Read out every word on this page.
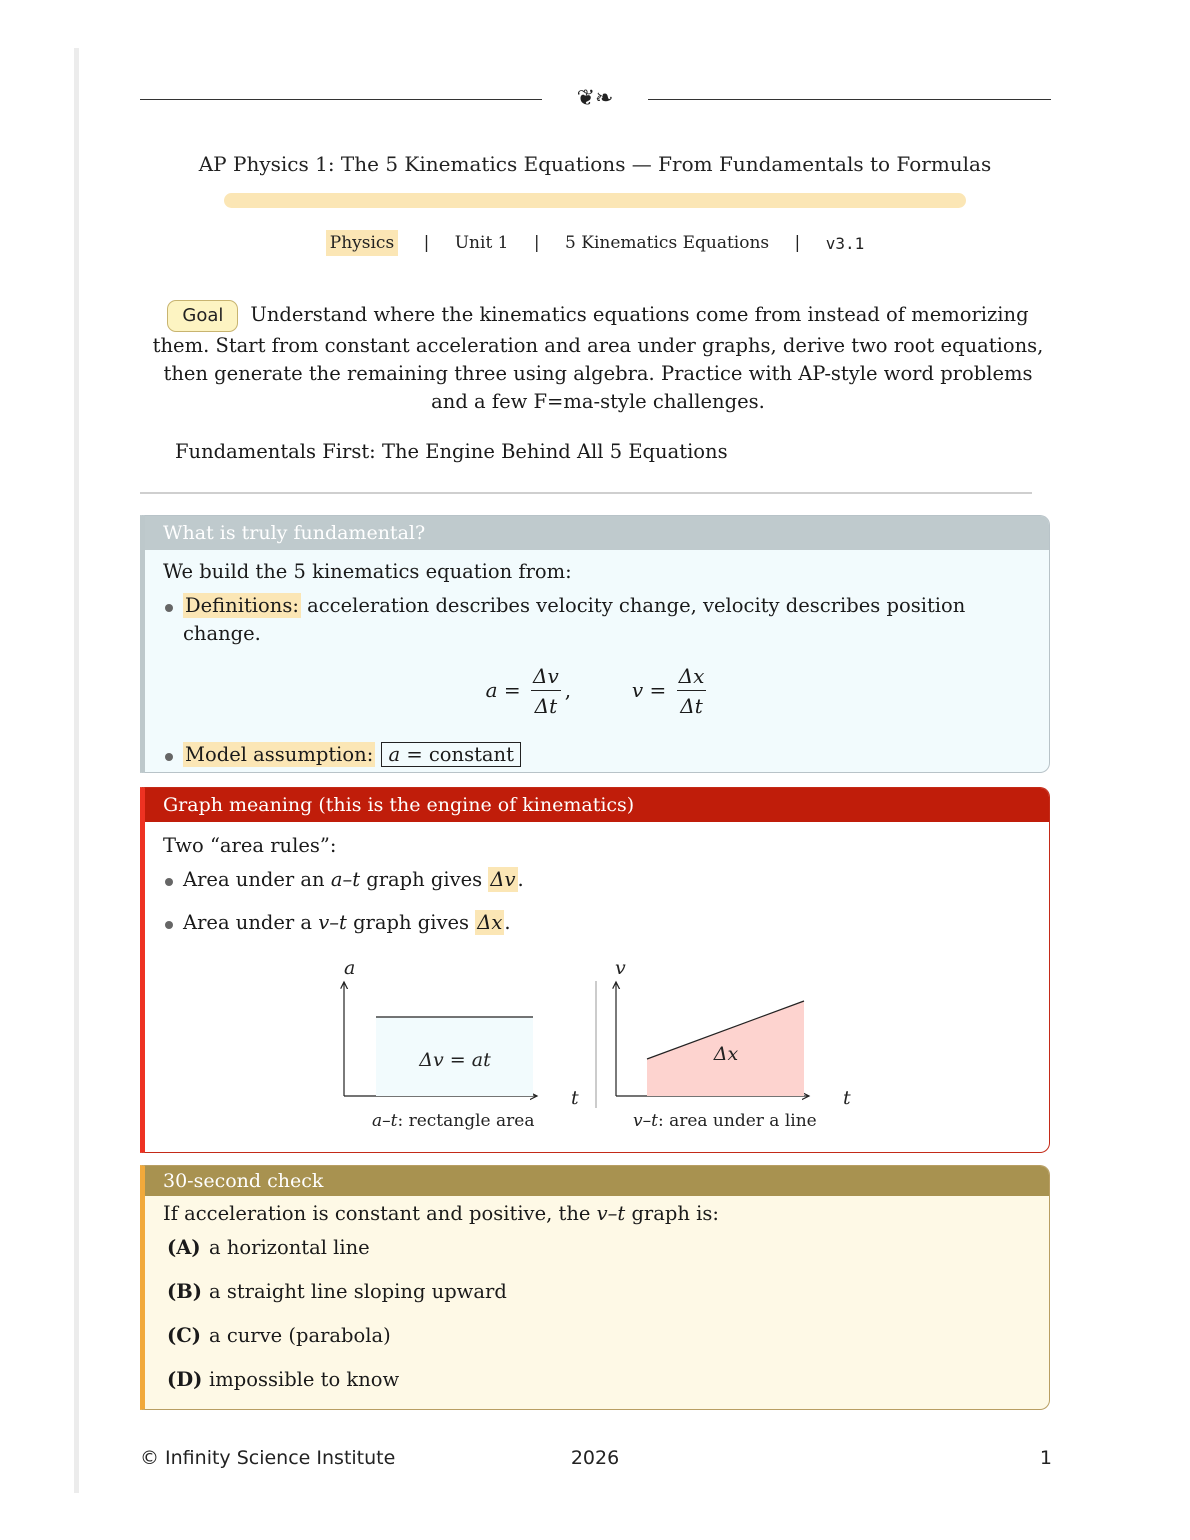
❦❧
AP Physics 1: The 5 Kinematics Equations — From Fundamentals to Formulas
Physics | Unit 1 | 5 Kinematics Equations | v3.1
Goal Understand where the kinematics equations come from instead of memorizing them. Start from constant acceleration and area under graphs, derive two root equations, then generate the remaining three using algebra. Practice with AP-style word problems and a few F=ma-style challenges.
Fundamentals First: The Engine Behind All 5 Equations
What is truly fundamental?
We build the 5 kinematics equation from:
Definitions: acceleration describes velocity change, velocity describes position change.
$a = \frac{\Delta v}{\Delta t}$ ,	$v = \frac{\Delta x}{\Delta t}$
Model assumption: a = constant
Graph meaning (this is the engine of kinematics)
Two “area rules”:
Area under an a–t graph gives Δv .
Area under a v–t graph gives Δx .
a
t
Δv = at
a–t: rectangle area
v
t
Δx
v–t: area under a line
30-second check
If acceleration is constant and positive, the v–t graph is:
(A) a horizontal line
(B) a straight line sloping upward
(C) a curve (parabola)
(D) impossible to know
© Infinity Science Institute	2026	1
